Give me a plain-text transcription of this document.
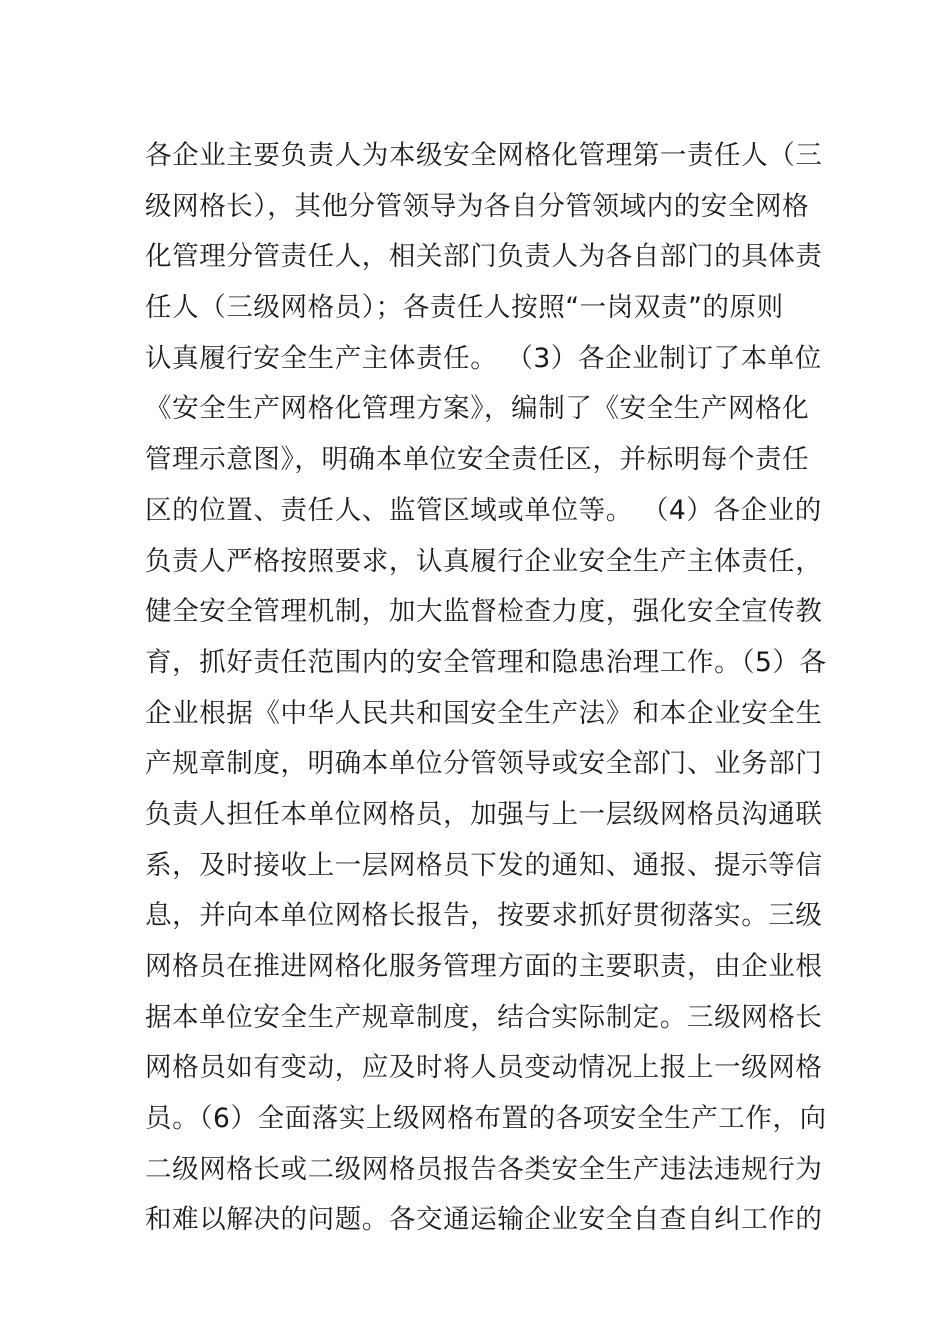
各企业主要负责人为本级安全网格化管理第一责任人（三
级网格长），其他分管领导为各自分管领域内的安全网格
化管理分管责任人，相关部门负责人为各自部门的具体责
任人（三级网格员）；各责任人按照“一岗双责”的原则
认真履行安全生产主体责任。 （3）各企业制订了本单位
《安全生产网格化管理方案》，编制了《安全生产网格化
管理示意图》，明确本单位安全责任区，并标明每个责任
区的位置、责任人、监管区域或单位等。 （4）各企业的
负责人严格按照要求，认真履行企业安全生产主体责任，
健全安全管理机制，加大监督检查力度，强化安全宣传教
育，抓好责任范围内的安全管理和隐患治理工作。（5）各
企业根据《中华人民共和国安全生产法》和本企业安全生
产规章制度，明确本单位分管领导或安全部门、业务部门
负责人担任本单位网格员，加强与上一层级网格员沟通联
系，及时接收上一层网格员下发的通知、通报、提示等信
息，并向本单位网格长报告，按要求抓好贯彻落实。三级
网格员在推进网格化服务管理方面的主要职责，由企业根
据本单位安全生产规章制度，结合实际制定。三级网格长
网格员如有变动，应及时将人员变动情况上报上一级网格
员。（6）全面落实上级网格布置的各项安全生产工作，向
二级网格长或二级网格员报告各类安全生产违法违规行为
和难以解决的问题。各交通运输企业安全自查自纠工作的
